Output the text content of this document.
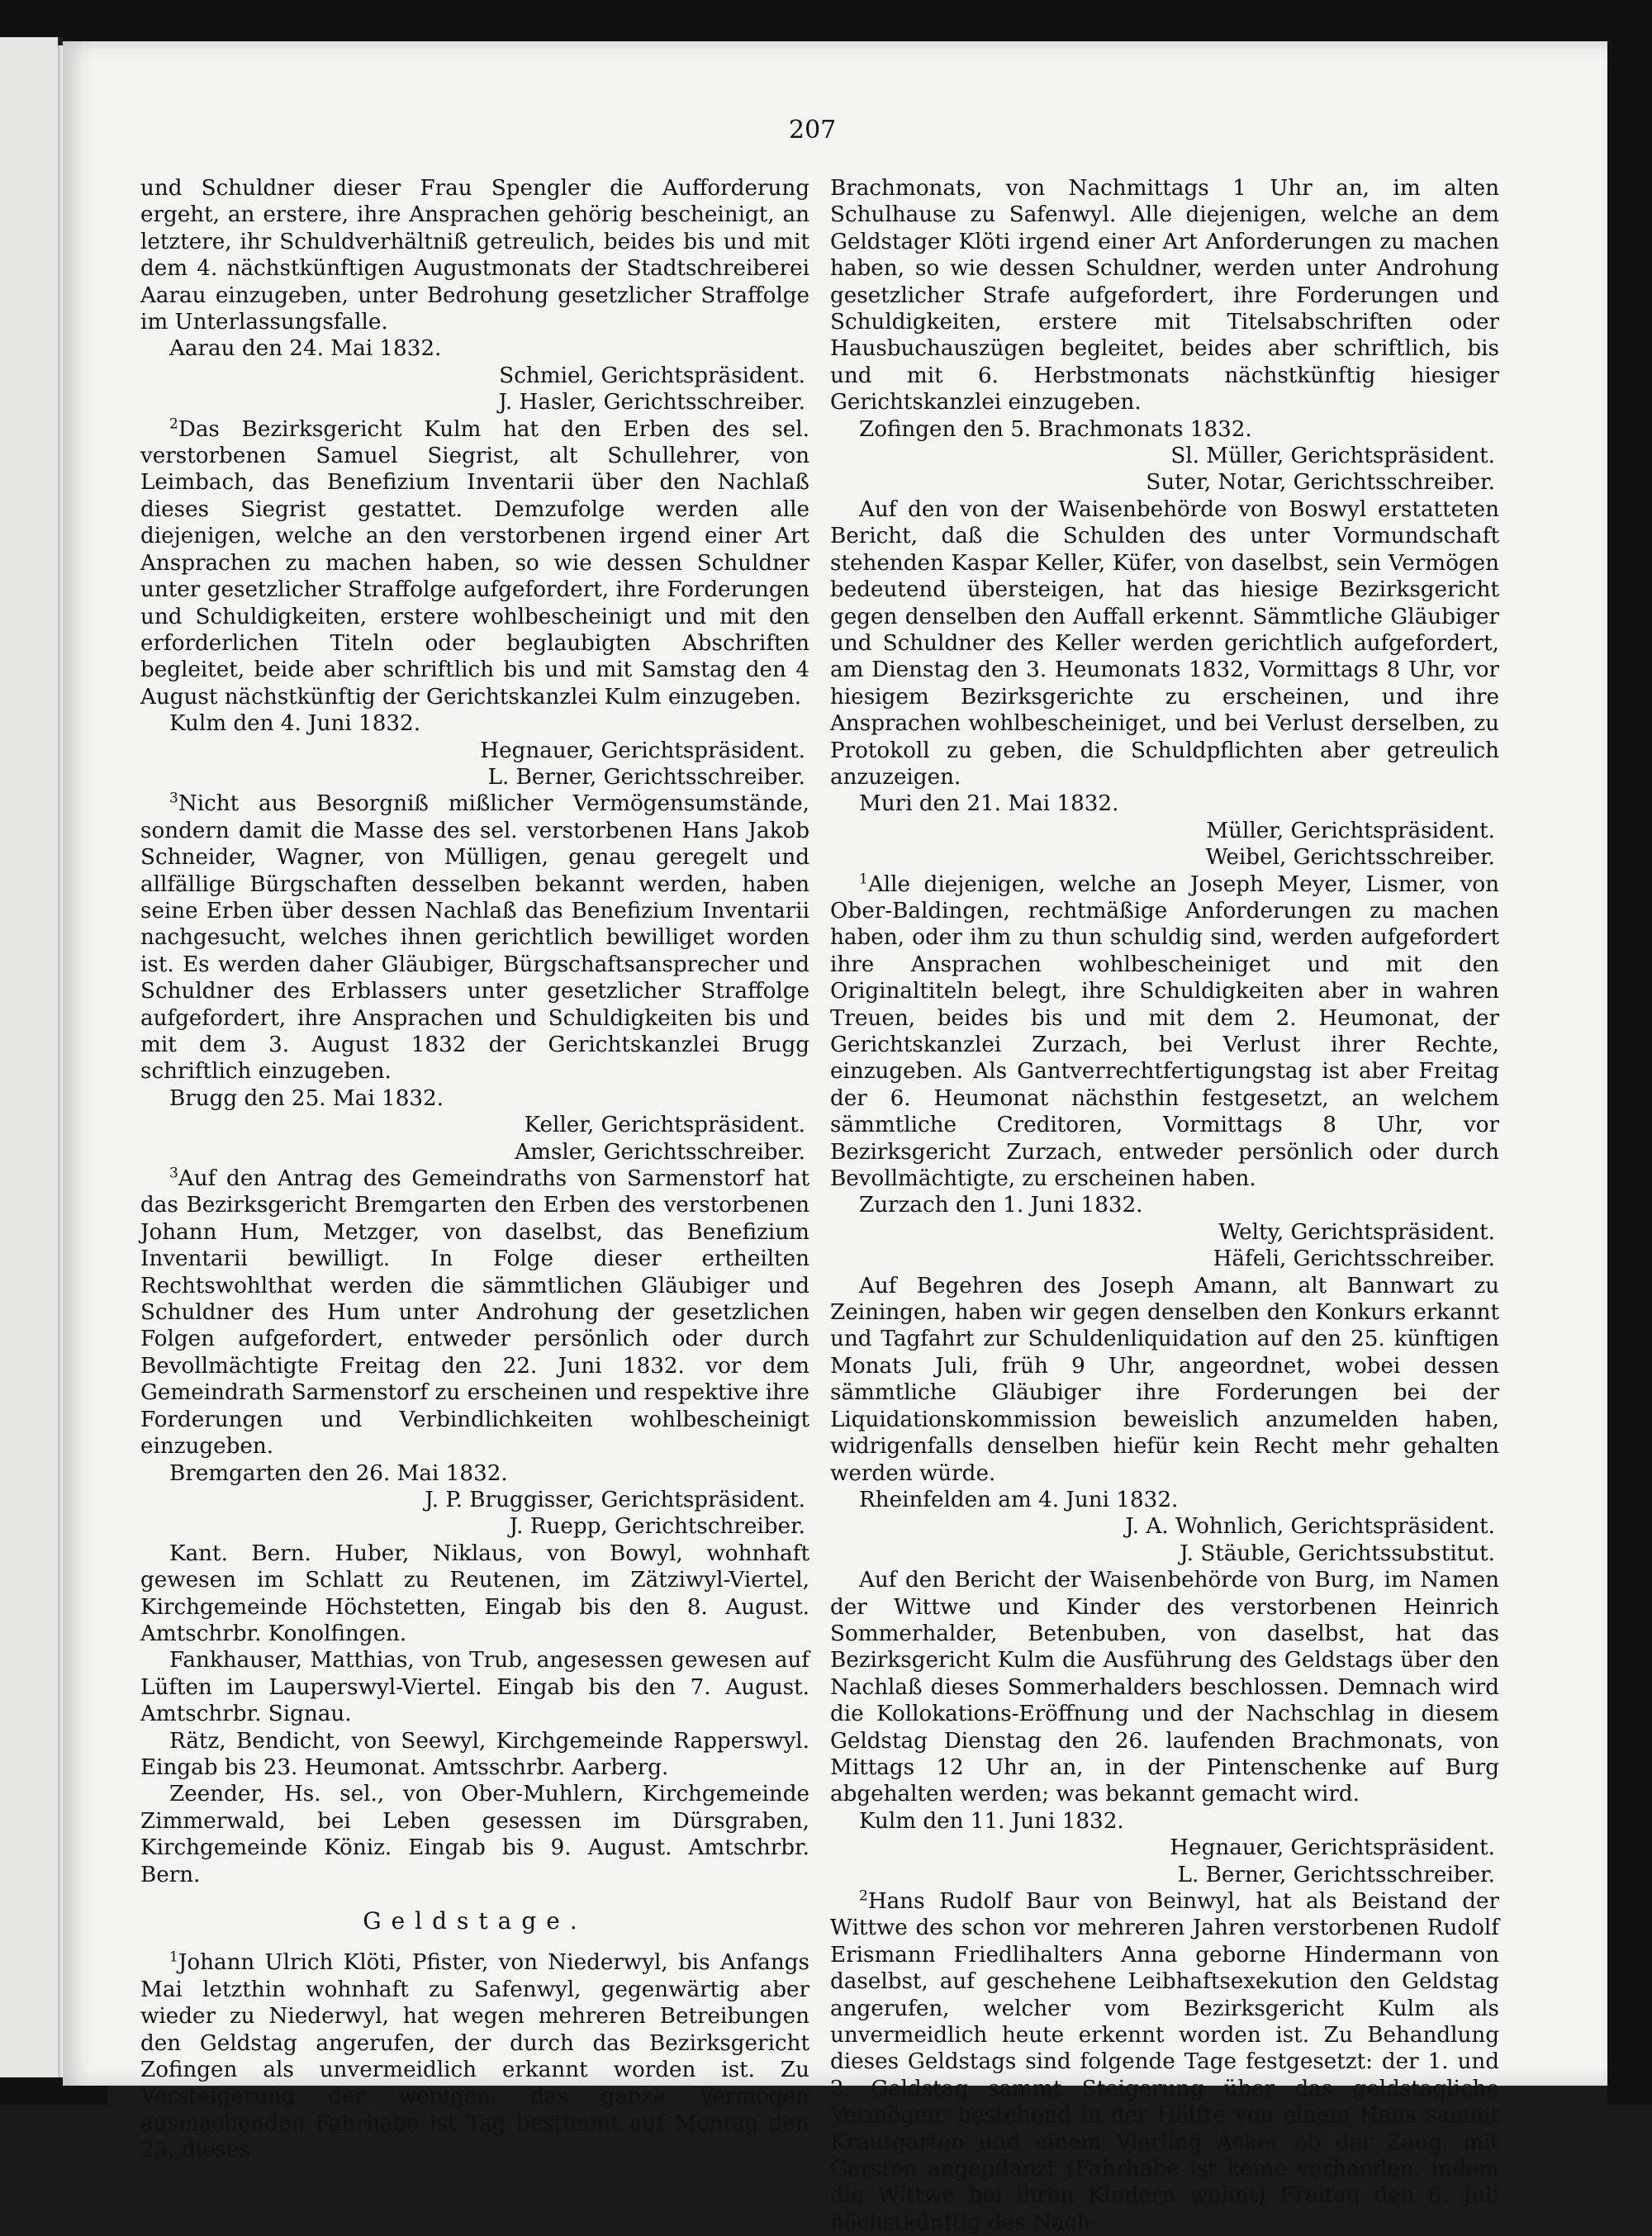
207

und Schuldner dieser Frau Spengler die Aufforderung ergeht, an erstere, ihre Ansprachen gehörig bescheinigt, an letztere, ihr Schuldverhältniß getreulich, beides bis und mit dem 4. nächstkünftigen Augustmonats der Stadtschreiberei Aarau einzugeben, unter Bedrohung gesetzlicher Straffolge im Unterlassungsfalle.

Aarau den 24. Mai 1832.

Schmiel, Gerichtspräsident.

J. Hasler, Gerichtsschreiber.

$^2$Das Bezirksgericht Kulm hat den Erben des sel. verstorbenen Samuel Siegrist, alt Schullehrer, von Leimbach, das Benefizium Inventarii über den Nachlaß dieses Siegrist gestattet. Demzufolge werden alle diejenigen, welche an den verstorbenen irgend einer Art Ansprachen zu machen haben, so wie dessen Schuldner unter gesetzlicher Straffolge aufgefordert, ihre Forderungen und Schuldigkeiten, erstere wohlbescheinigt und mit den erforderlichen Titeln oder beglaubigten Abschriften begleitet, beide aber schriftlich bis und mit Samstag den 4 August nächstkünftig der Gerichtskanzlei Kulm einzugeben.

Kulm den 4. Juni 1832.

Hegnauer, Gerichtspräsident.

L. Berner, Gerichtsschreiber.

$^3$Nicht aus Besorgniß mißlicher Vermögensumstände, sondern damit die Masse des sel. verstorbenen Hans Jakob Schneider, Wagner, von Mülligen, genau geregelt und allfällige Bürgschaften desselben bekannt werden, haben seine Erben über dessen Nachlaß das Benefizium Inventarii nachgesucht, welches ihnen gerichtlich bewilliget worden ist. Es werden daher Gläubiger, Bürgschaftsansprecher und Schuldner des Erblassers unter gesetzlicher Straffolge aufgefordert, ihre Ansprachen und Schuldigkeiten bis und mit dem 3. August 1832 der Gerichtskanzlei Brugg schriftlich einzugeben.

Brugg den 25. Mai 1832.

Keller, Gerichtspräsident.

Amsler, Gerichtsschreiber.

$^3$Auf den Antrag des Gemeindraths von Sarmenstorf hat das Bezirksgericht Bremgarten den Erben des verstorbenen Johann Hum, Metzger, von daselbst, das Benefizium Inventarii bewilligt. In Folge dieser ertheilten Rechtswohlthat werden die sämmtlichen Gläubiger und Schuldner des Hum unter Androhung der gesetzlichen Folgen aufgefordert, entweder persönlich oder durch Bevollmächtigte Freitag den 22. Juni 1832. vor dem Gemeindrath Sarmenstorf zu erscheinen und respektive ihre Forderungen und Verbindlichkeiten wohlbescheinigt einzugeben.

Bremgarten den 26. Mai 1832.

J. P. Bruggisser, Gerichtspräsident.

J. Ruepp, Gerichtschreiber.

Kant. Bern. Huber, Niklaus, von Bowyl, wohnhaft gewesen im Schlatt zu Reutenen, im Zätziwyl-Viertel, Kirchgemeinde Höchstetten, Eingab bis den 8. August. Amtschrbr. Konolfingen.

Fankhauser, Matthias, von Trub, angesessen gewesen auf Lüften im Lauperswyl-Viertel. Eingab bis den 7. August. Amtschrbr. Signau.

Rätz, Bendicht, von Seewyl, Kirchgemeinde Rapperswyl. Eingab bis 23. Heumonat. Amtsschrbr. Aarberg.

Zeender, Hs. sel., von Ober-Muhlern, Kirchgemeinde Zimmerwald, bei Leben gesessen im Dürsgraben, Kirchgemeinde Köniz. Eingab bis 9. August. Amtschrbr. Bern.

Geldstage.

$^1$Johann Ulrich Klöti, Pfister, von Niederwyl, bis Anfangs Mai letzthin wohnhaft zu Safenwyl, gegenwärtig aber wieder zu Niederwyl, hat wegen mehreren Betreibungen den Geldstag angerufen, der durch das Bezirksgericht Zofingen als unvermeidlich erkannt worden ist. Zu Versteigerung der wenigen, das ganze Vermögen ausmachenden Fahrhabe ist Tag bestimmt auf Montag den 25. dieses

Brachmonats, von Nachmittags 1 Uhr an, im alten Schulhause zu Safenwyl. Alle diejenigen, welche an dem Geldstager Klöti irgend einer Art Anforderungen zu machen haben, so wie dessen Schuldner, werden unter Androhung gesetzlicher Strafe aufgefordert, ihre Forderungen und Schuldigkeiten, erstere mit Titelsabschriften oder Hausbuchauszügen begleitet, beides aber schriftlich, bis und mit 6. Herbstmonats nächstkünftig hiesiger Gerichtskanzlei einzugeben.

Zofingen den 5. Brachmonats 1832.

Sl. Müller, Gerichtspräsident.

Suter, Notar, Gerichtsschreiber.

Auf den von der Waisenbehörde von Boswyl erstatteten Bericht, daß die Schulden des unter Vormundschaft stehenden Kaspar Keller, Küfer, von daselbst, sein Vermögen bedeutend übersteigen, hat das hiesige Bezirksgericht gegen denselben den Auffall erkennt. Sämmtliche Gläubiger und Schuldner des Keller werden gerichtlich aufgefordert, am Dienstag den 3. Heumonats 1832, Vormittags 8 Uhr, vor hiesigem Bezirksgerichte zu erscheinen, und ihre Ansprachen wohlbescheiniget, und bei Verlust derselben, zu Protokoll zu geben, die Schuldpflichten aber getreulich anzuzeigen.

Muri den 21. Mai 1832.

Müller, Gerichtspräsident.

Weibel, Gerichtsschreiber.

$^1$Alle diejenigen, welche an Joseph Meyer, Lismer, von Ober-Baldingen, rechtmäßige Anforderungen zu machen haben, oder ihm zu thun schuldig sind, werden aufgefordert ihre Ansprachen wohlbescheiniget und mit den Originaltiteln belegt, ihre Schuldigkeiten aber in wahren Treuen, beides bis und mit dem 2. Heumonat, der Gerichtskanzlei Zurzach, bei Verlust ihrer Rechte, einzugeben. Als Gantverrechtfertigungstag ist aber Freitag der 6. Heumonat nächsthin festgesetzt, an welchem sämmtliche Creditoren, Vormittags 8 Uhr, vor Bezirksgericht Zurzach, entweder persönlich oder durch Bevollmächtigte, zu erscheinen haben.

Zurzach den 1. Juni 1832.

Welty, Gerichtspräsident.

Häfeli, Gerichtsschreiber.

Auf Begehren des Joseph Amann, alt Bannwart zu Zeiningen, haben wir gegen denselben den Konkurs erkannt und Tagfahrt zur Schuldenliquidation auf den 25. künftigen Monats Juli, früh 9 Uhr, angeordnet, wobei dessen sämmtliche Gläubiger ihre Forderungen bei der Liquidationskommission beweislich anzumelden haben, widrigenfalls denselben hiefür kein Recht mehr gehalten werden würde.

Rheinfelden am 4. Juni 1832.

J. A. Wohnlich, Gerichtspräsident.

J. Stäuble, Gerichtssubstitut.

Auf den Bericht der Waisenbehörde von Burg, im Namen der Wittwe und Kinder des verstorbenen Heinrich Sommerhalder, Betenbuben, von daselbst, hat das Bezirksgericht Kulm die Ausführung des Geldstags über den Nachlaß dieses Sommerhalders beschlossen. Demnach wird die Kollokations-Eröffnung und der Nachschlag in diesem Geldstag Dienstag den 26. laufenden Brachmonats, von Mittags 12 Uhr an, in der Pintenschenke auf Burg abgehalten werden; was bekannt gemacht wird.

Kulm den 11. Juni 1832.

Hegnauer, Gerichtspräsident.

L. Berner, Gerichtsschreiber.

$^2$Hans Rudolf Baur von Beinwyl, hat als Beistand der Wittwe des schon vor mehreren Jahren verstorbenen Rudolf Erismann Friedlihalters Anna geborne Hindermann von daselbst, auf geschehene Leibhaftsexekution den Geldstag angerufen, welcher vom Bezirksgericht Kulm als unvermeidlich heute erkennt worden ist. Zu Behandlung dieses Geldstags sind folgende Tage festgesetzt: der 1. und 2. Geldstag sammt Steigerung über das geldstagliche Vermögen: bestehend in der Hälfte von einem Haus sammt Krautgarten und einem Vierling Acker ob der Zaug, mit Gersten angepflanzt (Fahrhabe ist keine vorhanden, indem die Wittwe bei ihren Kindern wohnt) Freitag den 6. Juli nächstkünftig des Nach-
